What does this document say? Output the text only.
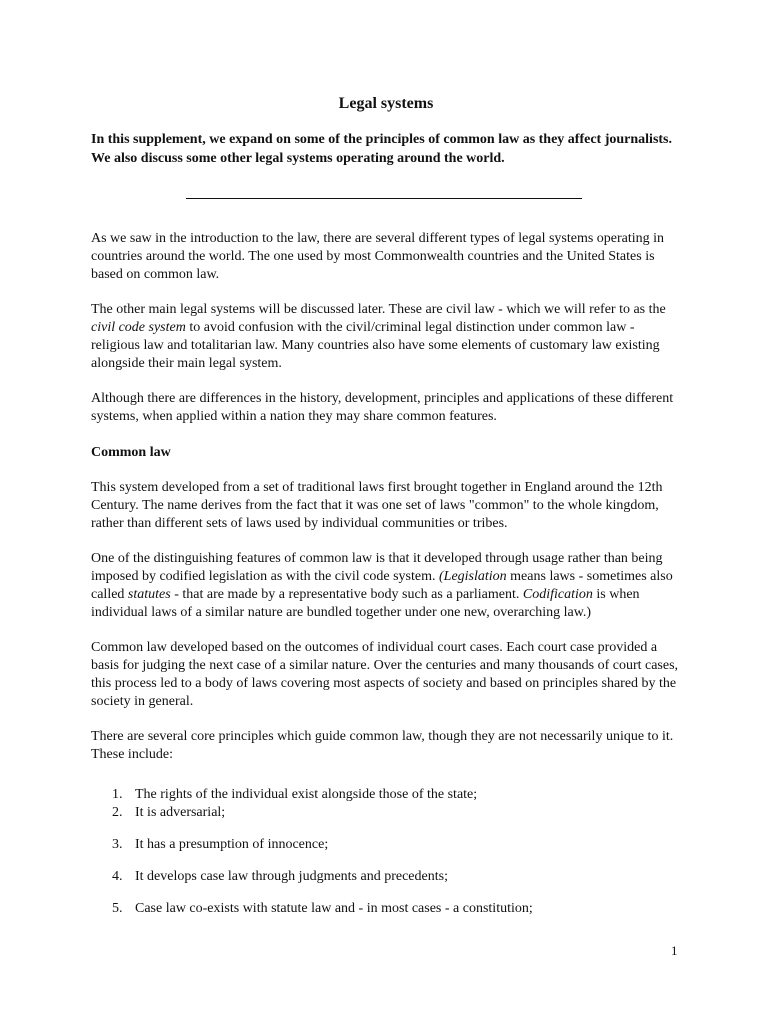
Legal systems

In this supplement, we expand on some of the principles of common law as they affect journalists. We also discuss some other legal systems operating around the world.

As we saw in the introduction to the law, there are several different types of legal systems operating in countries around the world. The one used by most Commonwealth countries and the United States is based on common law.

The other main legal systems will be discussed later. These are civil law - which we will refer to as the civil code system to avoid confusion with the civil/criminal legal distinction under common law - religious law and totalitarian law. Many countries also have some elements of customary law existing alongside their main legal system.

Although there are differences in the history, development, principles and applications of these different systems, when applied within a nation they may share common features.

Common law

This system developed from a set of traditional laws first brought together in England around the 12th Century. The name derives from the fact that it was one set of laws "common" to the whole kingdom, rather than different sets of laws used by individual communities or tribes.

One of the distinguishing features of common law is that it developed through usage rather than being imposed by codified legislation as with the civil code system. (Legislation means laws - sometimes also called statutes - that are made by a representative body such as a parliament. Codification is when individual laws of a similar nature are bundled together under one new, overarching law.)

Common law developed based on the outcomes of individual court cases. Each court case provided a basis for judging the next case of a similar nature. Over the centuries and many thousands of court cases, this process led to a body of laws covering most aspects of society and based on principles shared by the society in general.

There are several core principles which guide common law, though they are not necessarily unique to it. These include:

1. The rights of the individual exist alongside those of the state;
2. It is adversarial;
3. It has a presumption of innocence;
4. It develops case law through judgments and precedents;
5. Case law co-exists with statute law and - in most cases - a constitution;
1
